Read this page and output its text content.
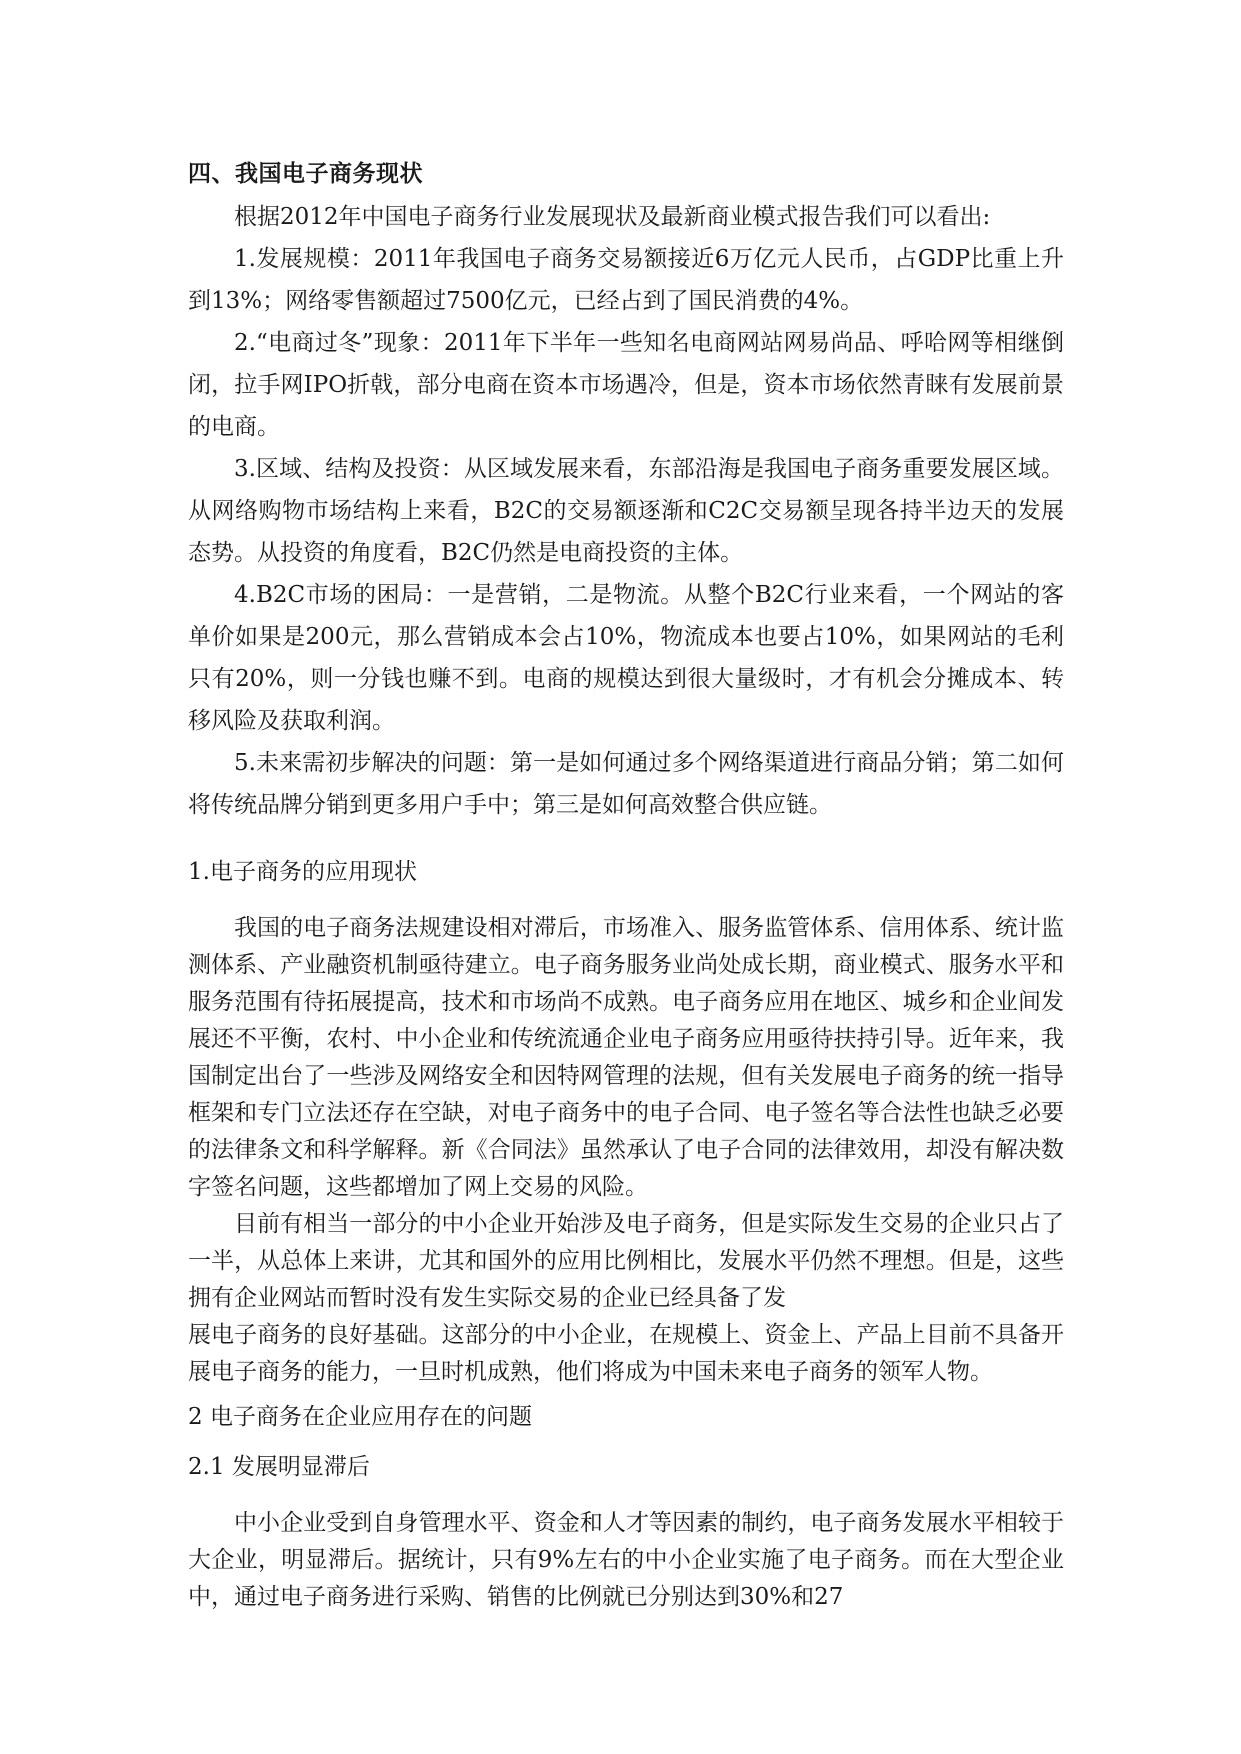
四、我国电子商务现状

根据2012年中国电子商务行业发展现状及最新商业模式报告我们可以看出:

1.发展规模：2011年我国电子商务交易额接近6万亿元人民币，占GDP比重上升到13%；网络零售额超过7500亿元，已经占到了国民消费的4%。

2.“电商过冬”现象：2011年下半年一些知名电商网站网易尚品、呼哈网等相继倒闭，拉手网IPO折戟，部分电商在资本市场遇冷，但是，资本市场依然青睐有发展前景的电商。

3.区域、结构及投资：从区域发展来看，东部沿海是我国电子商务重要发展区域。从网络购物市场结构上来看，B2C的交易额逐渐和C2C交易额呈现各持半边天的发展态势。从投资的角度看，B2C仍然是电商投资的主体。

4.B2C市场的困局：一是营销，二是物流。从整个B2C行业来看，一个网站的客单价如果是200元，那么营销成本会占10%，物流成本也要占10%，如果网站的毛利只有20%，则一分钱也赚不到。电商的规模达到很大量级时，才有机会分摊成本、转移风险及获取利润。

5.未来需初步解决的问题：第一是如何通过多个网络渠道进行商品分销；第二如何将传统品牌分销到更多用户手中；第三是如何高效整合供应链。

1.电子商务的应用现状

我国的电子商务法规建设相对滞后，市场准入、服务监管体系、信用体系、统计监测体系、产业融资机制亟待建立。电子商务服务业尚处成长期，商业模式、服务水平和服务范围有待拓展提高，技术和市场尚不成熟。电子商务应用在地区、城乡和企业间发展还不平衡，农村、中小企业和传统流通企业电子商务应用亟待扶持引导。近年来，我国制定出台了一些涉及网络安全和因特网管理的法规，但有关发展电子商务的统一指导框架和专门立法还存在空缺，对电子商务中的电子合同、电子签名等合法性也缺乏必要的法律条文和科学解释。新《合同法》虽然承认了电子合同的法律效用，却没有解决数字签名问题，这些都增加了网上交易的风险。

目前有相当一部分的中小企业开始涉及电子商务，但是实际发生交易的企业只占了一半，从总体上来讲，尤其和国外的应用比例相比，发展水平仍然不理想。但是，这些拥有企业网站而暂时没有发生实际交易的企业已经具备了发

展电子商务的良好基础。这部分的中小企业，在规模上、资金上、产品上目前不具备开展电子商务的能力，一旦时机成熟，他们将成为中国未来电子商务的领军人物。

2 电子商务在企业应用存在的问题
2.1 发展明显滞后

中小企业受到自身管理水平、资金和人才等因素的制约，电子商务发展水平相较于大企业，明显滞后。据统计，只有9%左右的中小企业实施了电子商务。而在大型企业中，通过电子商务进行采购、销售的比例就已分别达到30%和27
